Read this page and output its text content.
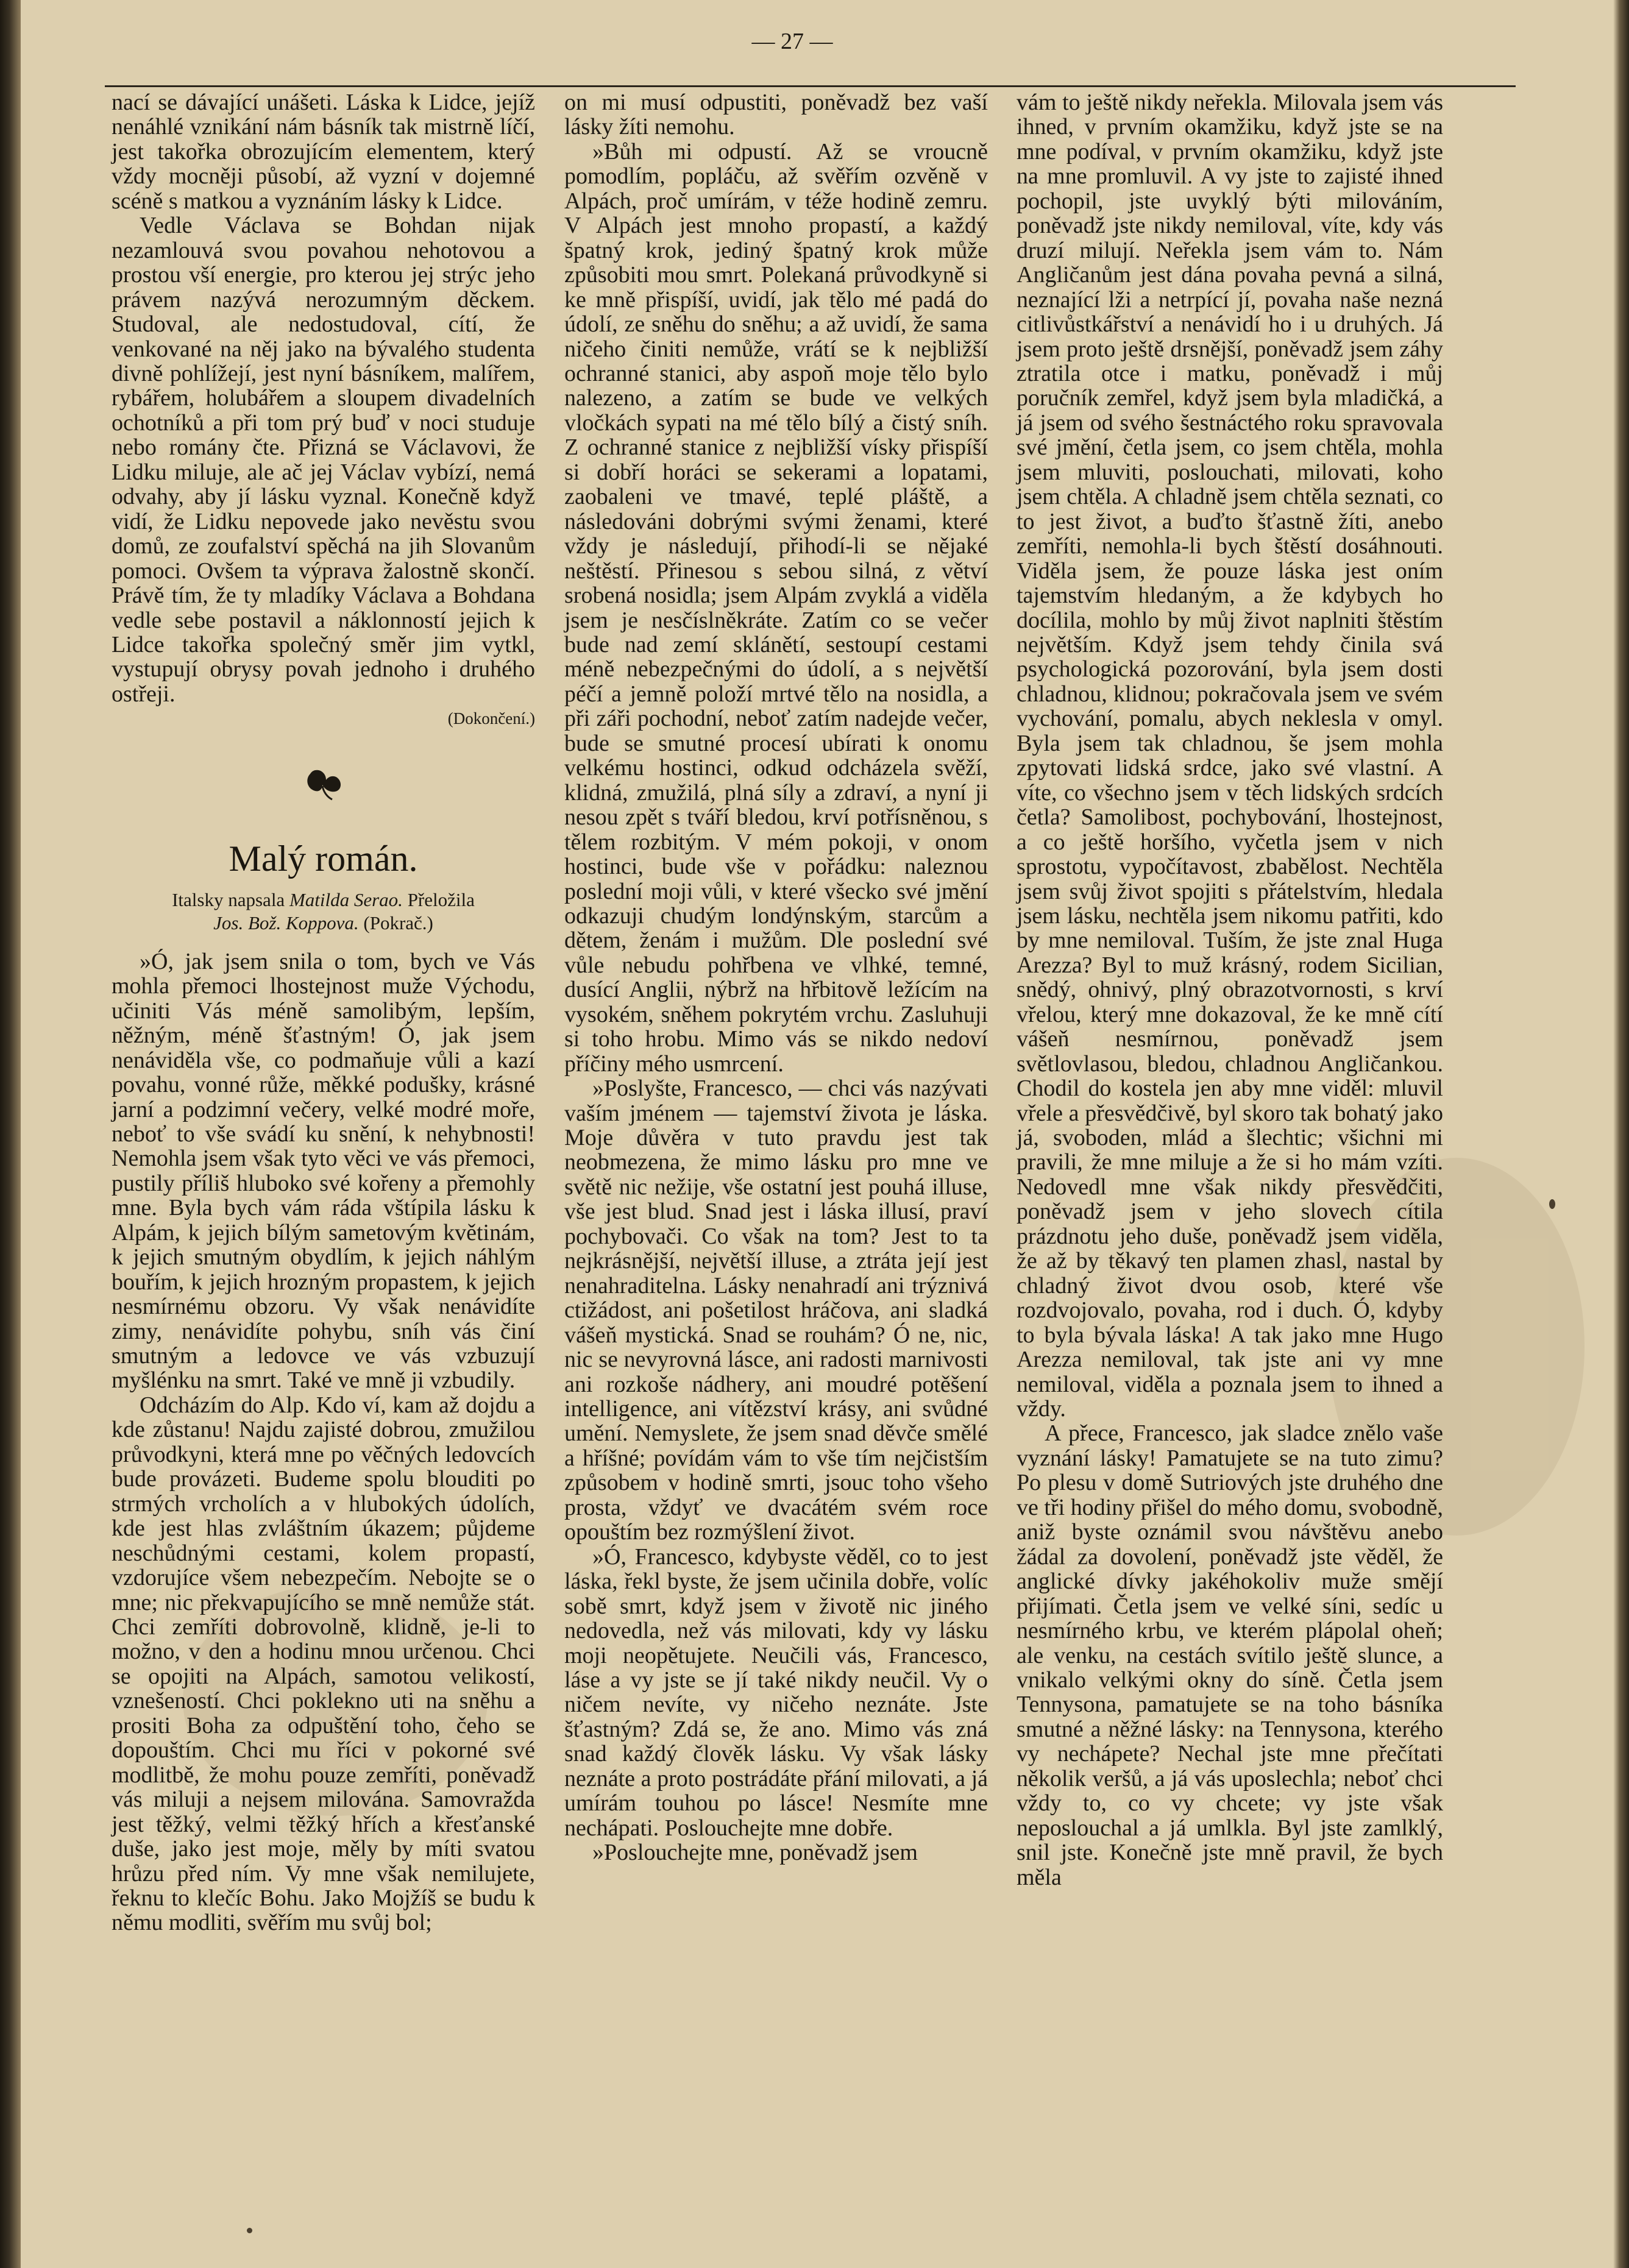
— 27 —

nací se dávající unášeti. Láska k Lidce, jejíž nenáhlé vznikání nám básník tak mistrně líčí, jest takořka obrozujícím elementem, který vždy mocněji působí, až vyzní v dojemné scéně s matkou a vyznáním lásky k Lidce.

Vedle Václava se Bohdan nijak nezamlouvá svou povahou nehotovou a prostou vší energie, pro kterou jej strýc jeho právem nazývá nerozumným děckem. Studoval, ale nedostudoval, cítí, že venkované na něj jako na bývalého studenta divně pohlížejí, jest nyní básníkem, malířem, rybářem, holubářem a sloupem divadelních ochotníků a při tom prý buď v noci studuje nebo romány čte. Přizná se Václavovi, že Lidku miluje, ale ač jej Václav vybízí, nemá odvahy, aby jí lásku vyznal. Konečně když vidí, že Lidku nepovede jako nevěstu svou domů, ze zoufalství spěchá na jih Slovanům pomoci. Ovšem ta výprava žalostně skončí. Právě tím, že ty mladíky Václava a Bohdana vedle sebe postavil a náklonností jejich k Lidce takořka společný směr jim vytkl, vystupují obrysy povah jednoho i druhého ostřeji.

(Dokončení.)

Malý román.
Italsky napsala Matilda Serao. Přeložila
Jos. Bož. Koppova. (Pokrač.)

»Ó, jak jsem snila o tom, bych ve Vás mohla přemoci lhostejnost muže Východu, učiniti Vás méně samolibým, lepším, něžným, méně šťastným! Ó, jak jsem nenáviděla vše, co podmaňuje vůli a kazí povahu, vonné růže, měkké podušky, krásné jarní a podzimní večery, velké modré moře, neboť to vše svádí ku snění, k nehybnosti! Nemohla jsem však tyto věci ve vás přemoci, pustily příliš hluboko své kořeny a přemohly mne. Byla bych vám ráda vštípila lásku k Alpám, k jejich bílým sametovým květinám, k jejich smutným obydlím, k jejich náhlým bouřím, k jejich hrozným propastem, k jejich nesmírnému obzoru. Vy však nenávidíte zimy, nenávidíte pohybu, sníh vás činí smutným a ledovce ve vás vzbuzují myšlénku na smrt. Také ve mně ji vzbudily.

Odcházím do Alp. Kdo ví, kam až dojdu a kde zůstanu! Najdu zajisté dobrou, zmužilou průvodkyni, která mne po věčných ledovcích bude provázeti. Budeme spolu blouditi po strmých vrcholích a v hlubokých údolích, kde jest hlas zvláštním úkazem; půjdeme neschůdnými cestami, kolem propastí, vzdorujíce všem nebezpečím. Nebojte se o mne; nic překvapujícího se mně nemůže stát. Chci zemříti dobrovolně, klidně, je-li to možno, v den a hodinu mnou určenou. Chci se opojiti na Alpách, samotou velikostí, vznešeností. Chci poklekno uti na sněhu a prositi Boha za odpuštění toho, čeho se dopouštím. Chci mu říci v pokorné své modlitbě, že mohu pouze zemříti, poněvadž vás miluji a nejsem milována. Samovražda jest těžký, velmi těžký hřích a křesťanské duše, jako jest moje, měly by míti svatou hrůzu před ním. Vy mne však nemilujete, řeknu to klečíc Bohu. Jako Mojžíš se budu k němu modliti, svěřím mu svůj bol;

on mi musí odpustiti, poněvadž bez vaší lásky žíti nemohu.

»Bůh mi odpustí. Až se vroucně pomodlím, popláču, až svěřím ozvěně v Alpách, proč umírám, v téže hodině zemru. V Alpách jest mnoho propastí, a každý špatný krok, jediný špatný krok může způsobiti mou smrt. Polekaná průvodkyně si ke mně přispíší, uvidí, jak tělo mé padá do údolí, ze sněhu do sněhu; a až uvidí, že sama ničeho činiti nemůže, vrátí se k nejbližší ochranné stanici, aby aspoň moje tělo bylo nalezeno, a zatím se bude ve velkých vločkách sypati na mé tělo bílý a čistý sníh. Z ochranné stanice z nejbližší vísky přispíší si dobří horáci se sekerami a lopatami, zaobaleni ve tmavé, teplé pláště, a následováni dobrými svými ženami, které vždy je následují, přihodí-li se nějaké neštěstí. Přinesou s sebou silná, z větví srobená nosidla; jsem Alpám zvyklá a viděla jsem je nesčíslněkráte. Zatím co se večer bude nad zemí sklánětí, sestoupí cestami méně nebezpečnými do údolí, a s největší péčí a jemně položí mrtvé tělo na nosidla, a při záři pochodní, neboť zatím nadejde večer, bude se smutné procesí ubírati k onomu velkému hostinci, odkud odcházela svěží, klidná, zmužilá, plná síly a zdraví, a nyní ji nesou zpět s tváří bledou, krví potřísněnou, s tělem rozbitým. V mém pokoji, v onom hostinci, bude vše v pořádku: naleznou poslední moji vůli, v které všecko své jmění odkazuji chudým londýnským, starcům a dětem, ženám i mužům. Dle poslední své vůle nebudu pohřbena ve vlhké, temné, dusící Anglii, nýbrž na hřbitově ležícím na vysokém, sněhem pokrytém vrchu. Zasluhuji si toho hrobu. Mimo vás se nikdo nedoví příčiny mého usmrcení.

»Poslyšte, Francesco, — chci vás nazývati vaším jménem — tajemství života je láska. Moje důvěra v tuto pravdu jest tak neobmezena, že mimo lásku pro mne ve světě nic nežije, vše ostatní jest pouhá illuse, vše jest blud. Snad jest i láska illusí, praví pochybovači. Co však na tom? Jest to ta nejkrásnější, největší illuse, a ztráta její jest nenahraditelna. Lásky nenahradí ani trýznivá ctižádost, ani pošetilost hráčova, ani sladká vášeň mystická. Snad se rouhám? Ó ne, nic, nic se nevyrovná lásce, ani radosti marnivosti ani rozkoše nádhery, ani moudré potěšení intelligence, ani vítězství krásy, ani svůdné umění. Nemyslete, že jsem snad děvče smělé a hříšné; povídám vám to vše tím nejčistším způsobem v hodině smrti, jsouc toho všeho prosta, vždyť ve dvacátém svém roce opouštím bez rozmýšlení život.

»Ó, Francesco, kdybyste věděl, co to jest láska, řekl byste, že jsem učinila dobře, volíc sobě smrt, když jsem v životě nic jiného nedovedla, než vás milovati, kdy vy lásku moji neopětujete. Neučili vás, Francesco, láse a vy jste se jí také nikdy neučil. Vy o ničem nevíte, vy ničeho neznáte. Jste šťastným? Zdá se, že ano. Mimo vás zná snad každý člověk lásku. Vy však lásky neznáte a proto postrádáte přání milovati, a já umírám touhou po lásce! Nesmíte mne nechápati. Poslouchejte mne dobře.

»Poslouchejte mne, poněvadž jsem

vám to ještě nikdy neřekla. Milovala jsem vás ihned, v prvním okamžiku, když jste se na mne podíval, v prvním okamžiku, když jste na mne promluvil. A vy jste to zajisté ihned pochopil, jste uvyklý býti milováním, poněvadž jste nikdy nemiloval, víte, kdy vás druzí milují. Neřekla jsem vám to. Nám Angličanům jest dána povaha pevná a silná, neznající lži a netrpící jí, povaha naše nezná citlivůstkářství a nenávidí ho i u druhých. Já jsem proto ještě drsnější, poněvadž jsem záhy ztratila otce i matku, poněvadž i můj poručník zemřel, když jsem byla mladičká, a já jsem od svého šestnáctého roku spravovala své jmění, četla jsem, co jsem chtěla, mohla jsem mluviti, poslouchati, milovati, koho jsem chtěla. A chladně jsem chtěla seznati, co to jest život, a buďto šťastně žíti, anebo zemříti, nemohla-li bych štěstí dosáhnouti. Viděla jsem, že pouze láska jest oním tajemstvím hledaným, a že kdybych ho docílila, mohlo by můj život naplniti štěstím největším. Když jsem tehdy činila svá psychologická pozorování, byla jsem dosti chladnou, klidnou; pokračovala jsem ve svém vychování, pomalu, abych neklesla v omyl. Byla jsem tak chladnou, še jsem mohla zpytovati lidská srdce, jako své vlastní. A víte, co všechno jsem v těch lidských srdcích četla? Samolibost, pochybování, lhostejnost, a co ještě horšího, vyčetla jsem v nich sprostotu, vypočítavost, zbabělost. Nechtěla jsem svůj život spojiti s přátelstvím, hledala jsem lásku, nechtěla jsem nikomu patřiti, kdo by mne nemiloval. Tuším, že jste znal Huga Arezza? Byl to muž krásný, rodem Sicilian, snědý, ohnivý, plný obrazotvornosti, s krví vřelou, který mne dokazoval, že ke mně cítí vášeň nesmírnou, poněvadž jsem světlovlasou, bledou, chladnou Angličankou. Chodil do kostela jen aby mne viděl: mluvil vřele a přesvědčivě, byl skoro tak bohatý jako já, svoboden, mlád a šlechtic; všichni mi pravili, že mne miluje a že si ho mám vzíti. Nedovedl mne však nikdy přesvědčiti, poněvadž jsem v jeho slovech cítila prázdnotu jeho duše, poněvadž jsem viděla, že až by těkavý ten plamen zhasl, nastal by chladný život dvou osob, které vše rozdvojovalo, povaha, rod i duch. Ó, kdyby to byla bývala láska! A tak jako mne Hugo Arezza nemiloval, tak jste ani vy mne nemiloval, viděla a poznala jsem to ihned a vždy.

A přece, Francesco, jak sladce znělo vaše vyznání lásky! Pamatujete se na tuto zimu? Po plesu v domě Sutriových jste druhého dne ve tři hodiny přišel do mého domu, svobodně, aniž byste oznámil svou návštěvu anebo žádal za dovolení, poněvadž jste věděl, že anglické dívky jakéhokoliv muže smějí přijímati. Četla jsem ve velké síni, sedíc u nesmírného krbu, ve kterém plápolal oheň; ale venku, na cestách svítilo ještě slunce, a vnikalo velkými okny do síně. Četla jsem Tennysona, pamatujete se na toho básníka smutné a něžné lásky: na Tennysona, kterého vy nechápete? Nechal jste mne přečítati několik veršů, a já vás uposlechla; neboť chci vždy to, co vy chcete; vy jste však neposlouchal a já umlkla. Byl jste zamlklý, snil jste. Konečně jste mně pravil, že bych měla
